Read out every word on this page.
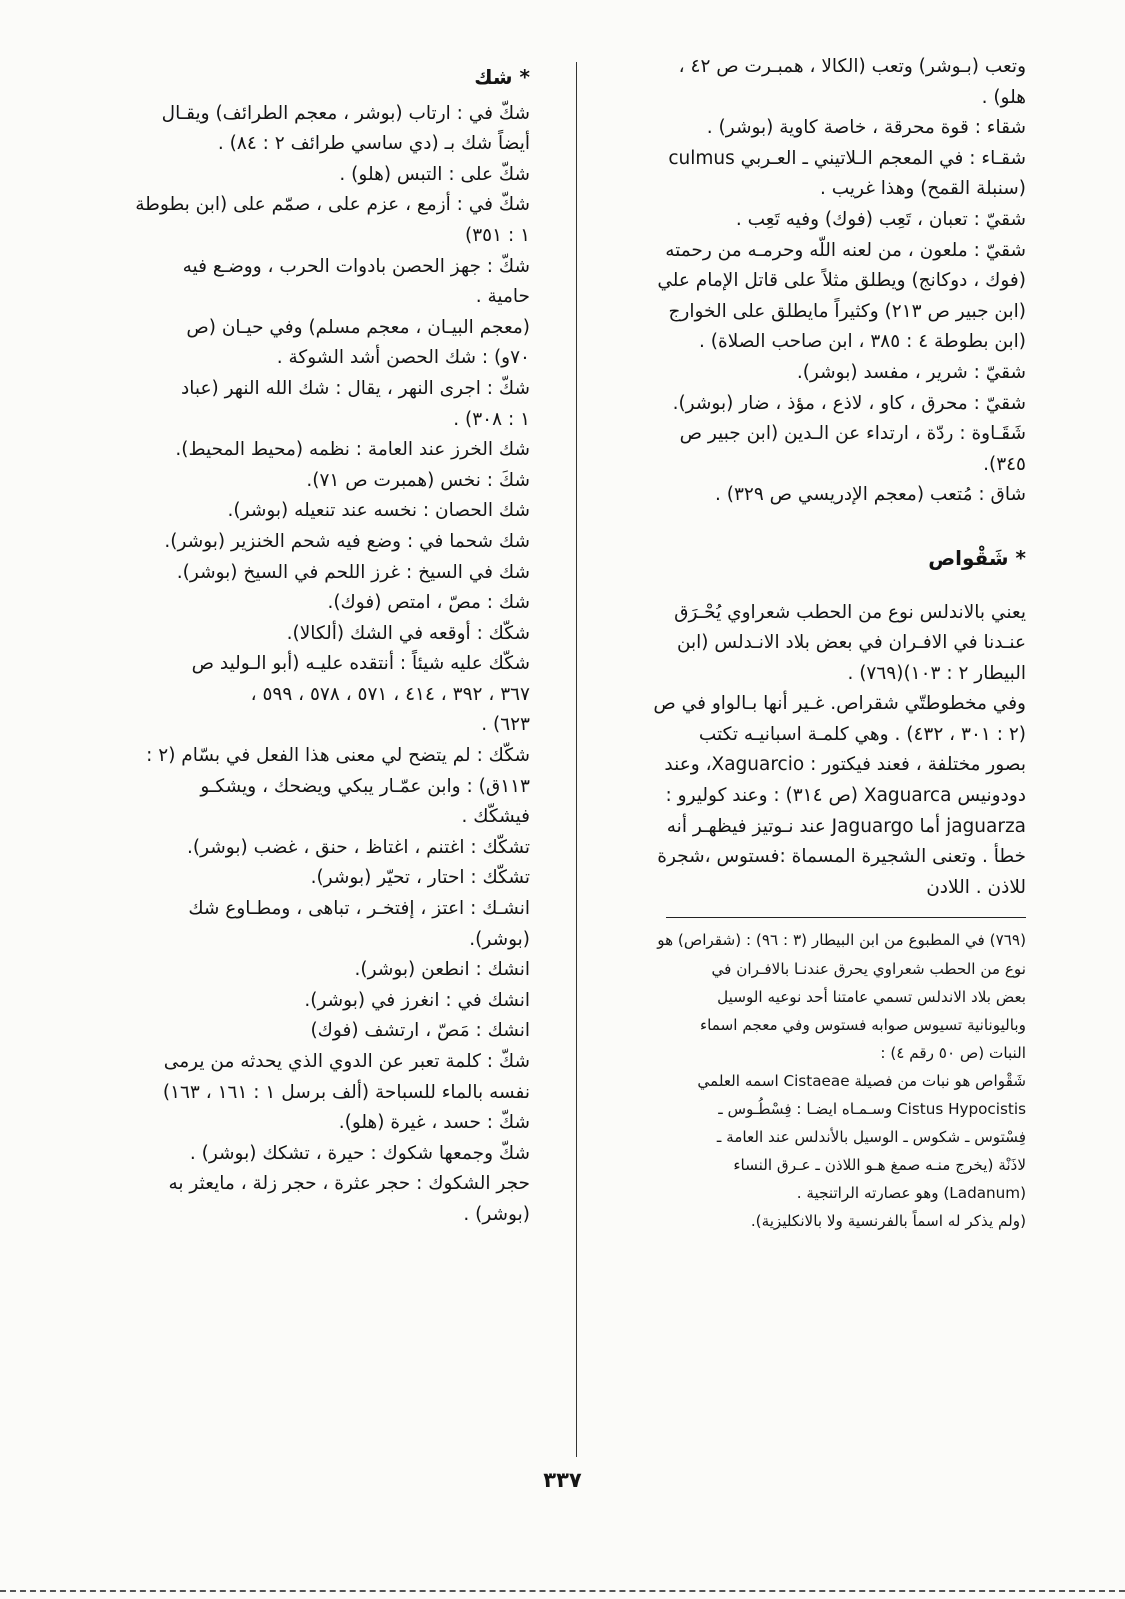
وتعب (بـوشر) وتعب (الكالا ، همبـرت ص ٤٢ ،
هلو) .
شقاء : قوة محرقة ، خاصة كاوية (بوشر) .
شقـاء : في المعجم الـلاتيني ـ العـربي culmus
(سنبلة القمح) وهذا غريب .
شقيّ : تعبان ، تَعِب (فوك) وفيه تَعِب .
شقيّ : ملعون ، من لعنه اللّه وحرمـه من رحمته
(فوك ، دوكانج) ويطلق مثلاً على قاتل الإمام علي
(ابن جبير ص ٢١٣) وكثيراً مايطلق على الخوارج
(ابن بطوطة ٤ : ٣٨٥ ، ابن صاحب الصلاة) .
شقيّ : شرير ، مفسد (بوشر).
شقيّ : محرق ، كاو ، لاذع ، مؤذ ، ضار (بوشر).
شَقَـاوة : ردّة ، ارتداء عن الـدين (ابن جبير ص
٣٤٥).
شاق : مُتعب (معجم الإدريسي ص ٣٢٩) .
* شَقْواص
يعني بالاندلس نوع من الحطب شعراوي يُحْـرَق
عنـدنا في الافـران في بعض بلاد الانـدلس (ابن
البيطار ٢ : ١٠٣)(٧٦٩) .
وفي مخطوطتّي شقراص. غـير أنها بـالواو في ص
(٢ : ٣٠١ ، ٤٣٢) . وهي كلمـة اسبانيـه تكتب
بصور مختلفة ، فعند فيكتور : Xaguarcio، وعند
دودونيس Xaguarca (ص ٣١٤) : وعند كوليرو :
jaguarza أما Jaguargo عند نـوتيز فيظهـر أنه
خطأ . وتعنى الشجيرة المسماة :فستوس ،شجرة
للاذن . اللادن
(٧٦٩) في المطبوع من ابن البيطار (٣ : ٩٦) : (شقراص) هو
نوع من الحطب شعراوي يحرق عندنـا بالافـران في
بعض بلاد الاندلس تسمي عامتنا أحد نوعيه الوسيل
وباليونانية تسيوس صوابه فستوس وفي معجم اسماء
النبات (ص ٥٠ رقم ٤) :
شَقْواص هو نبات من فصيلة Cistaeae اسمه العلمي
Cistus Hypocistis وسـمـاه ايضـا : فِسْطُـوس ـ
فِسْتوس ـ شكوس ـ الوسيل بالأندلس عند العامة ـ
لاذَنْة (يخرج منـه صمغ هـو اللاذن ـ عـرق النساء
(Ladanum) وهو عصارته الراتنجية .
(ولم يذكر له اسماً بالفرنسية ولا بالانكليزية).
* شك
شكّ في : ارتاب (بوشر ، معجم الطرائف) ويقـال
أيضاً شك بـ (دي ساسي طرائف ٢ : ٨٤) .
شكّ على : التبس (هلو) .
شكّ في : أزمع ، عزم على ، صمّم على (ابن بطوطة
١ : ٣٥١)
شكّ : جهز الحصن بادوات الحرب ، ووضـع فيه
حامية .
(معجم البيـان ، معجم مسلم) وفي حيـان (ص
٧٠و) : شك الحصن أشد الشوكة .
شكّ : اجرى النهر ، يقال : شك الله النهر (عباد
١ : ٣٠٨) .
شك الخرز عند العامة : نظمه (محيط المحيط).
شكَ : نخس (همبرت ص ٧١).
شك الحصان : نخسه عند تنعيله (بوشر).
شك شحما في : وضع فيه شحم الخنزير (بوشر).
شك في السيخ : غرز اللحم في السيخ (بوشر).
شك : مصّ ، امتص (فوك).
شكّك : أوقعه في الشك (ألكالا).
شكّك عليه شيئاً : أنتقده عليـه (أبو الـوليد ص
٣٦٧ ، ٣٩٢ ، ٤١٤ ، ٥٧١ ، ٥٧٨ ، ٥٩٩ ،
٦٢٣) .
شكّك : لم يتضح لي معنى هذا الفعل في بسّام (٢ :
١١٣ق) : وابن عمّـار يبكي ويضحك ، ويشكـو
فيشكّك .
تشكّك : اغتنم ، اغتاظ ، حنق ، غضب (بوشر).
تشكّك : احتار ، تحيّر (بوشر).
انشـك : اعتز ، إفتخـر ، تباهى ، ومطـاوع شك
(بوشر).
انشك : انطعن (بوشر).
انشك في : انغرز في (بوشر).
انشك : مَصّ ، ارتشف (فوك)
شكّ : كلمة تعبر عن الدوي الذي يحدثه من يرمى
نفسه بالماء للسباحة (ألف برسل ١ : ١٦١ ، ١٦٣)
شكّ : حسد ، غيرة (هلو).
شكّ وجمعها شكوك : حيرة ، تشكك (بوشر) .
حجر الشكوك : حجر عثرة ، حجر زلة ، مايعثر به
(بوشر) .
٣٣٧
